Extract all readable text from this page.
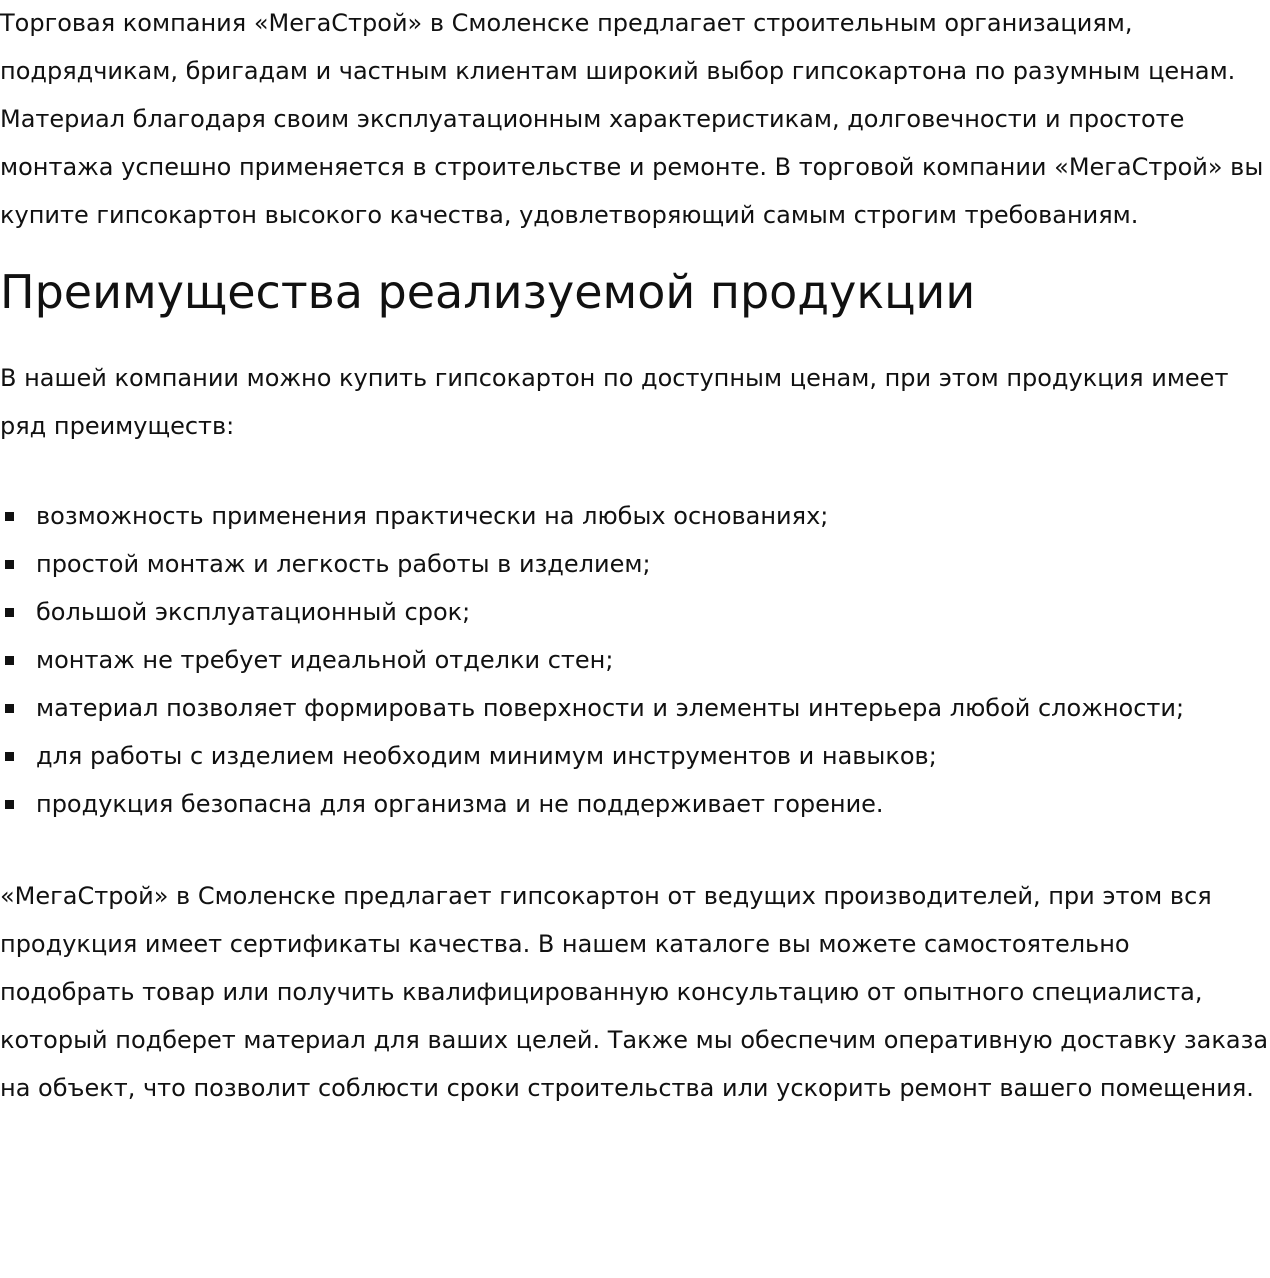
Торговая компания «МегаСтрой» в Смоленске предлагает строительным организациям, подрядчикам, бригадам и частным клиентам широкий выбор гипсокартона по разумным ценам. Материал благодаря своим эксплуатационным характеристикам, долговечности и простоте монтажа успешно применяется в строительстве и ремонте. В торговой компании «МегаСтрой» вы купите гипсокартон высокого качества, удовлетворяющий самым строгим требованиям.

Преимущества реализуемой продукции

В нашей компании можно купить гипсокартон по доступным ценам, при этом продукция имеет ряд преимуществ:

возможность применения практически на любых основаниях;
простой монтаж и легкость работы в изделием;
большой эксплуатационный срок;
монтаж не требует идеальной отделки стен;
материал позволяет формировать поверхности и элементы интерьера любой сложности;
для работы с изделием необходим минимум инструментов и навыков;
продукция безопасна для организма и не поддерживает горение.

«МегаСтрой» в Смоленске предлагает гипсокартон от ведущих производителей, при этом вся продукция имеет сертификаты качества. В нашем каталоге вы можете самостоятельно подобрать товар или получить квалифицированную консультацию от опытного специалиста, который подберет материал для ваших целей. Также мы обеспечим оперативную доставку заказа на объект, что позволит соблюсти сроки строительства или ускорить ремонт вашего помещения.
